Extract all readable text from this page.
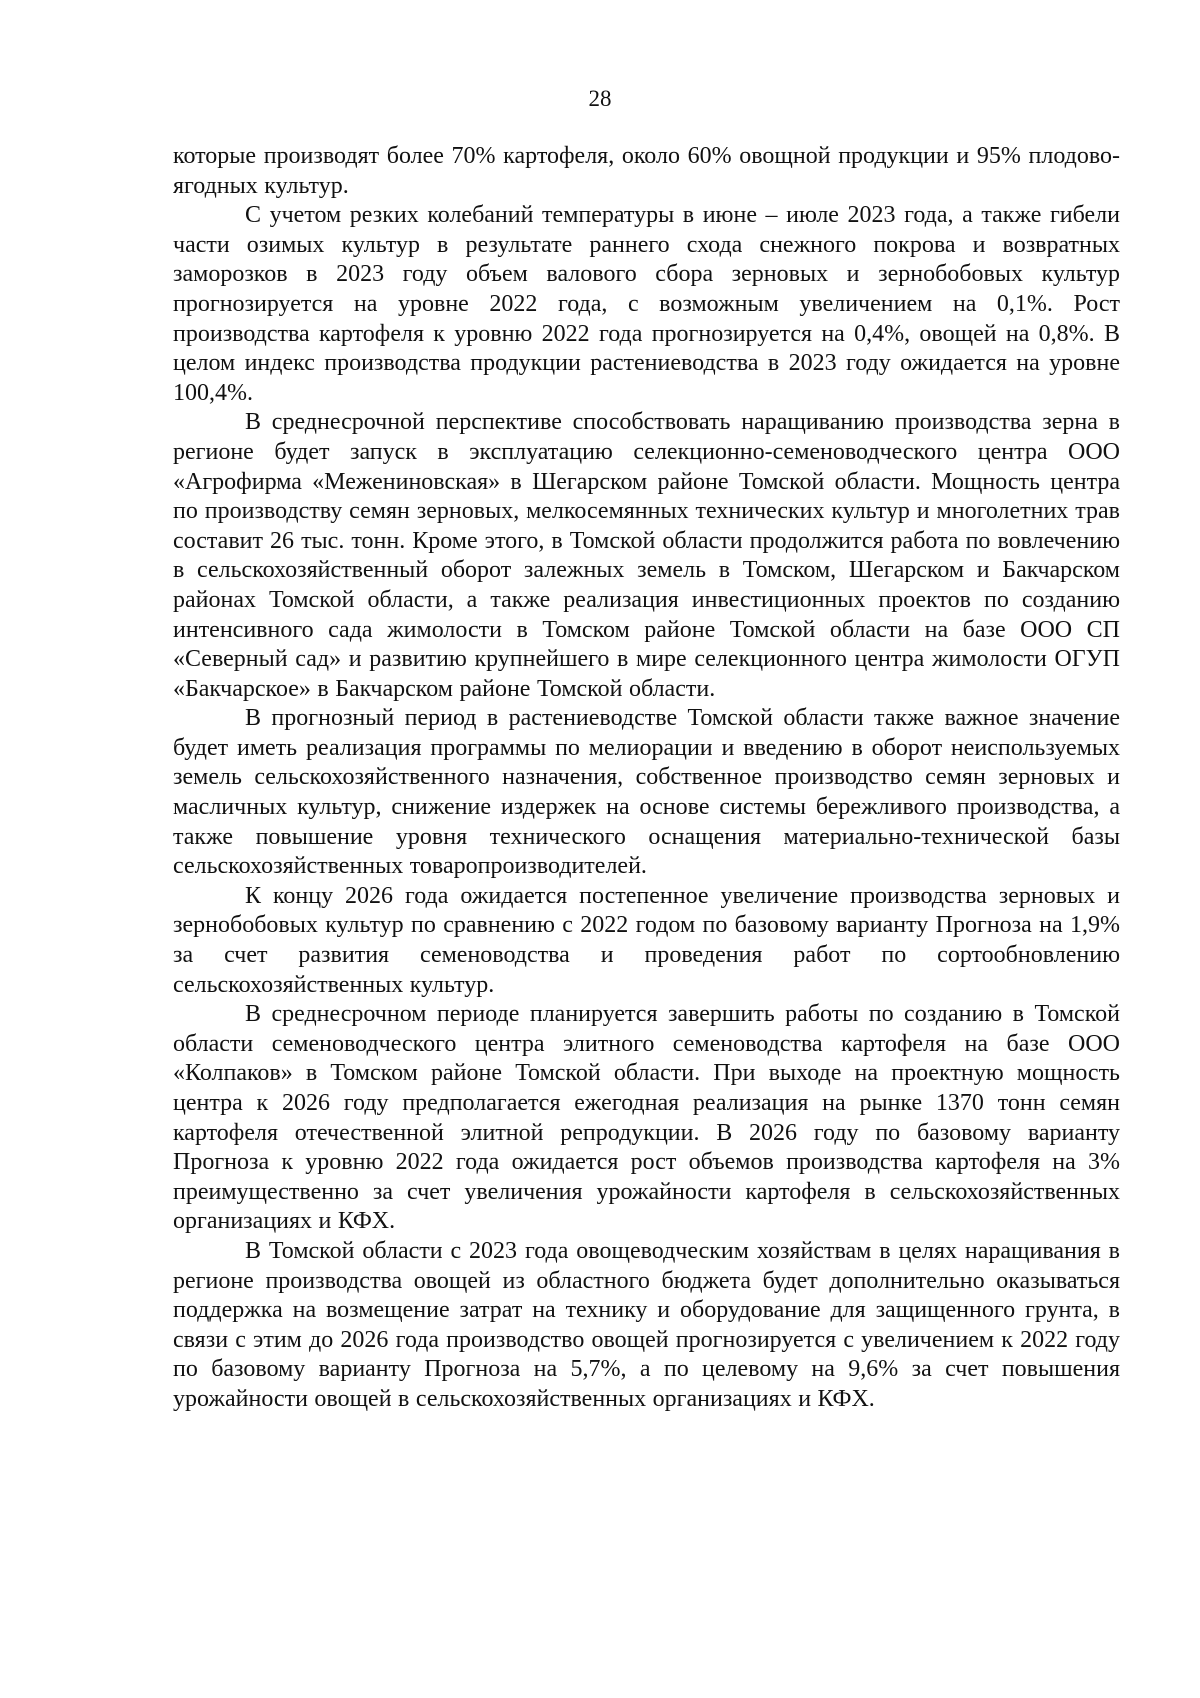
28

которые производят более 70% картофеля, около 60% овощной продукции и 95% плодово-ягодных культур.

С учетом резких колебаний температуры в июне – июле 2023 года, а также гибели части озимых культур в результате раннего схода снежного покрова и возвратных заморозков в 2023 году объем валового сбора зерновых и зернобобовых культур прогнозируется на уровне 2022 года, с возможным увеличением на 0,1%. Рост производства картофеля к уровню 2022 года прогнозируется на 0,4%, овощей на 0,8%. В целом индекс производства продукции растениеводства в 2023 году ожидается на уровне 100,4%.

В среднесрочной перспективе способствовать наращиванию производства зерна в регионе будет запуск в эксплуатацию селекционно-семеноводческого центра ООО «Агрофирма «Межениновская» в Шегарском районе Томской области. Мощность центра по производству семян зерновых, мелкосемянных технических культур и многолетних трав составит 26 тыс. тонн. Кроме этого, в Томской области продолжится работа по вовлечению в сельскохозяйственный оборот залежных земель в Томском, Шегарском и Бакчарском районах Томской области, а также реализация инвестиционных проектов по созданию интенсивного сада жимолости в Томском районе Томской области на базе ООО СП «Северный сад» и развитию крупнейшего в мире селекционного центра жимолости ОГУП «Бакчарское» в Бакчарском районе Томской области.

В прогнозный период в растениеводстве Томской области также важное значение будет иметь реализация программы по мелиорации и введению в оборот неиспользуемых земель сельскохозяйственного назначения, собственное производство семян зерновых и масличных культур, снижение издержек на основе системы бережливого производства, а также повышение уровня технического оснащения материально-технической базы сельскохозяйственных товаропроизводителей.

К концу 2026 года ожидается постепенное увеличение производства зерновых и зернобобовых культур по сравнению с 2022 годом по базовому варианту Прогноза на 1,9% за счет развития семеноводства и проведения работ по сортообновлению сельскохозяйственных культур.

В среднесрочном периоде планируется завершить работы по созданию в Томской области семеноводческого центра элитного семеноводства картофеля на базе ООО «Колпаков» в Томском районе Томской области. При выходе на проектную мощность центра к 2026 году предполагается ежегодная реализация на рынке 1370 тонн семян картофеля отечественной элитной репродукции. В 2026 году по базовому варианту Прогноза к уровню 2022 года ожидается рост объемов производства картофеля на 3% преимущественно за счет увеличения урожайности картофеля в сельскохозяйственных организациях и КФХ.

В Томской области с 2023 года овощеводческим хозяйствам в целях наращивания в регионе производства овощей из областного бюджета будет дополнительно оказываться поддержка на возмещение затрат на технику и оборудование для защищенного грунта, в связи с этим до 2026 года производство овощей прогнозируется с увеличением к 2022 году по базовому варианту Прогноза на 5,7%, а по целевому на 9,6% за счет повышения урожайности овощей в сельскохозяйственных организациях и КФХ.
